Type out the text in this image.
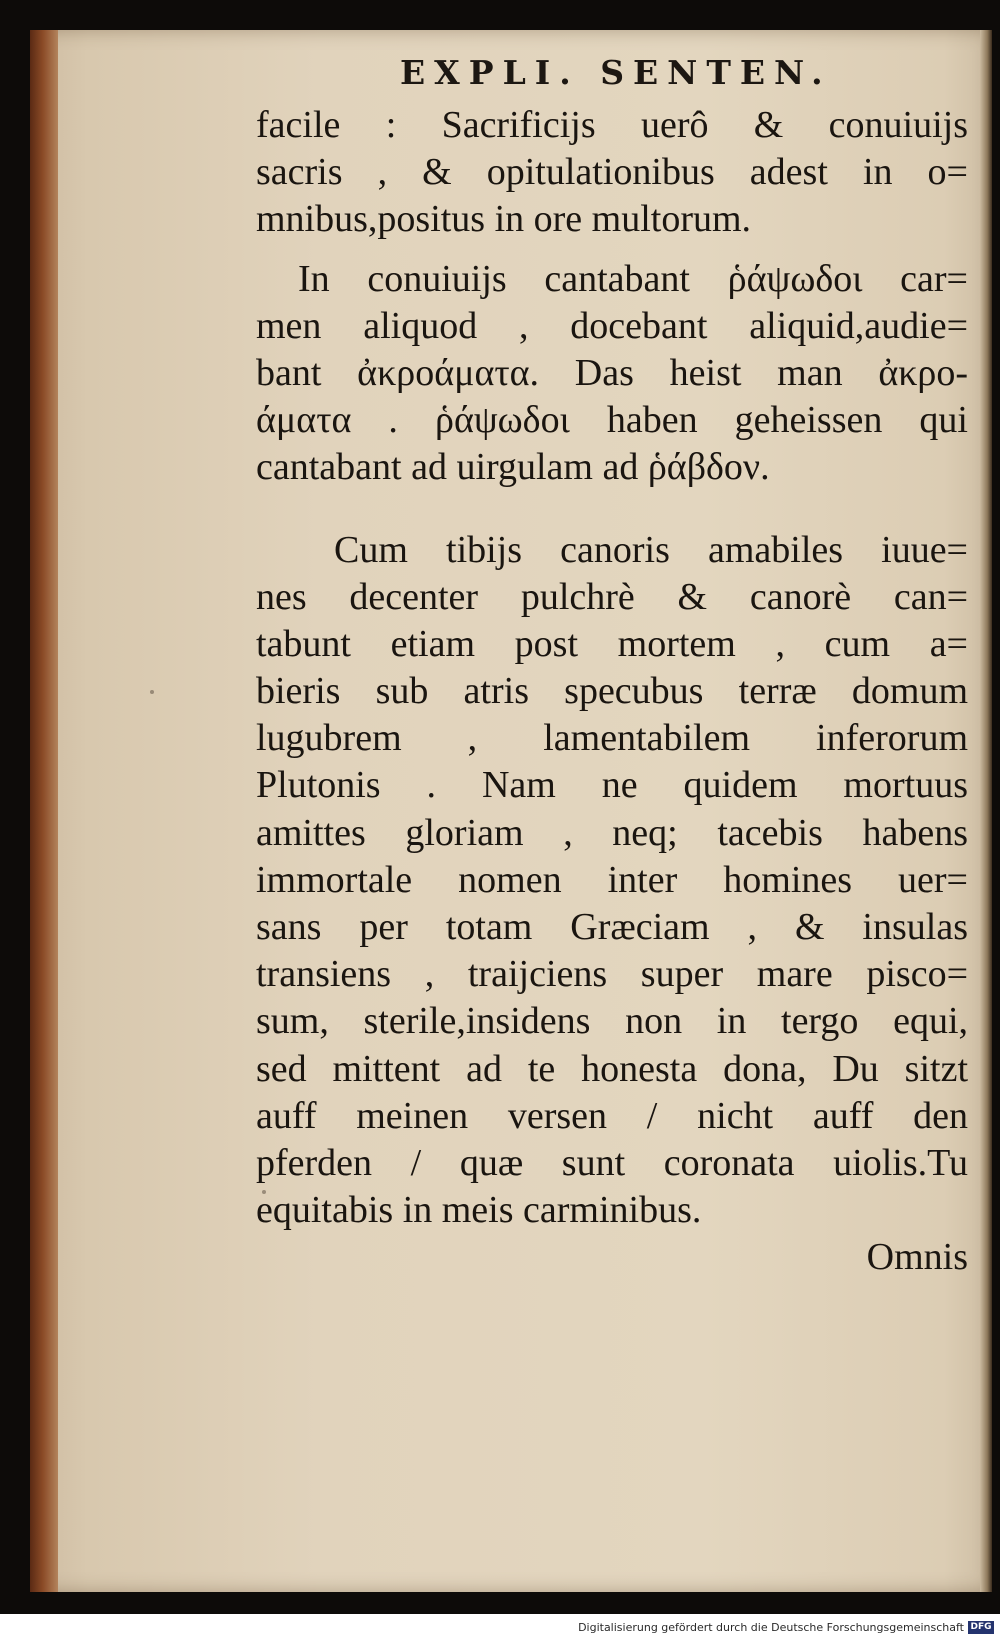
EXPLI. SENTEN.
facile : Sacrificijs uerô & conuiuijs
sacris , & opitulationibus adest in o=
mnibus,positus in ore multorum.
In conuiuijs cantabant ῥάψωδοι car=
men aliquod , docebant aliquid,audie=
bant ἀκροάματα. Das heist man ἀκρο-
άματα . ῥάψωδοι haben geheissen qui
cantabant ad uirgulam ad ῥάβδον.
Cum tibijs canoris amabiles iuue=
nes decenter pulchrè & canorè can=
tabunt etiam post mortem , cum a=
bieris sub atris specubus terræ domum
lugubrem , lamentabilem inferorum
Plutonis . Nam ne quidem mortuus
amittes gloriam , neq; tacebis habens
immortale nomen inter homines uer=
sans per totam Græciam , & insulas
transiens , traijciens super mare pisco=
sum, sterile,insidens non in tergo equi,
sed mittent ad te honesta dona, Du sitzt
auff meinen versen / nicht auff den
pferden / quæ sunt coronata uiolis.Tu
equitabis in meis carminibus.
Omnis
Digitalisierung gefördert durch die Deutsche Forschungsgemeinschaft DFG
